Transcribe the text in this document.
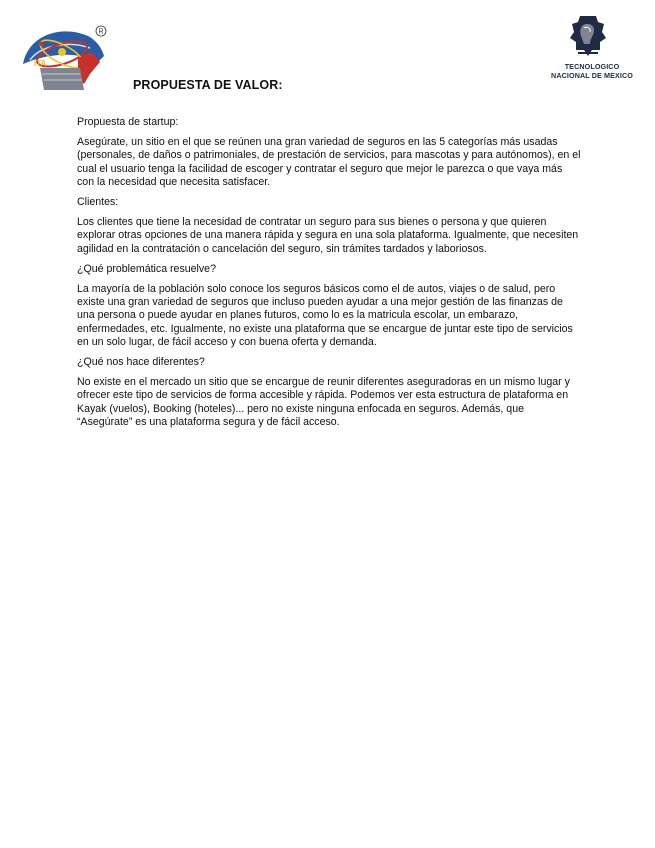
R
ITA	TECNOLOGICO
NACIONAL DE MEXICO
PROPUESTA DE VALOR:

Propuesta de startup:

Asegúrate, un sitio en el que se reúnen una gran variedad de seguros en las 5 categorías más usadas (personales, de daños o patrimoniales, de prestación de servicios, para mascotas y para autónomos), en el cual el usuario tenga la facilidad de escoger y contratar el seguro que mejor le parezca o que vaya más con la necesidad que necesita satisfacer.

Clientes:

Los clientes que tiene la necesidad de contratar un seguro para sus bienes o persona y que quieren explorar otras opciones de una manera rápida y segura en una sola plataforma. Igualmente, que necesiten agilidad en la contratación o cancelación del seguro, sin trámites tardados y laboriosos.

¿Qué problemática resuelve?

La mayoría de la población solo conoce los seguros básicos como el de autos, viajes o de salud, pero existe una gran variedad de seguros que incluso pueden ayudar a una mejor gestión de las finanzas de una persona o puede ayudar en planes futuros, como lo es la matricula escolar, un embarazo, enfermedades, etc. Igualmente, no existe una plataforma que se encargue de juntar este tipo de servicios en un solo lugar, de fácil acceso y con buena oferta y demanda.

¿Qué nos hace diferentes?

No existe en el mercado un sitio que se encargue de reunir diferentes aseguradoras en un mismo lugar y ofrecer este tipo de servicios de forma accesible y rápida. Podemos ver esta estructura de plataforma en Kayak (vuelos), Booking (hoteles)... pero no existe ninguna enfocada en seguros. Además, que “Asegúrate” es una plataforma segura y de fácil acceso.
